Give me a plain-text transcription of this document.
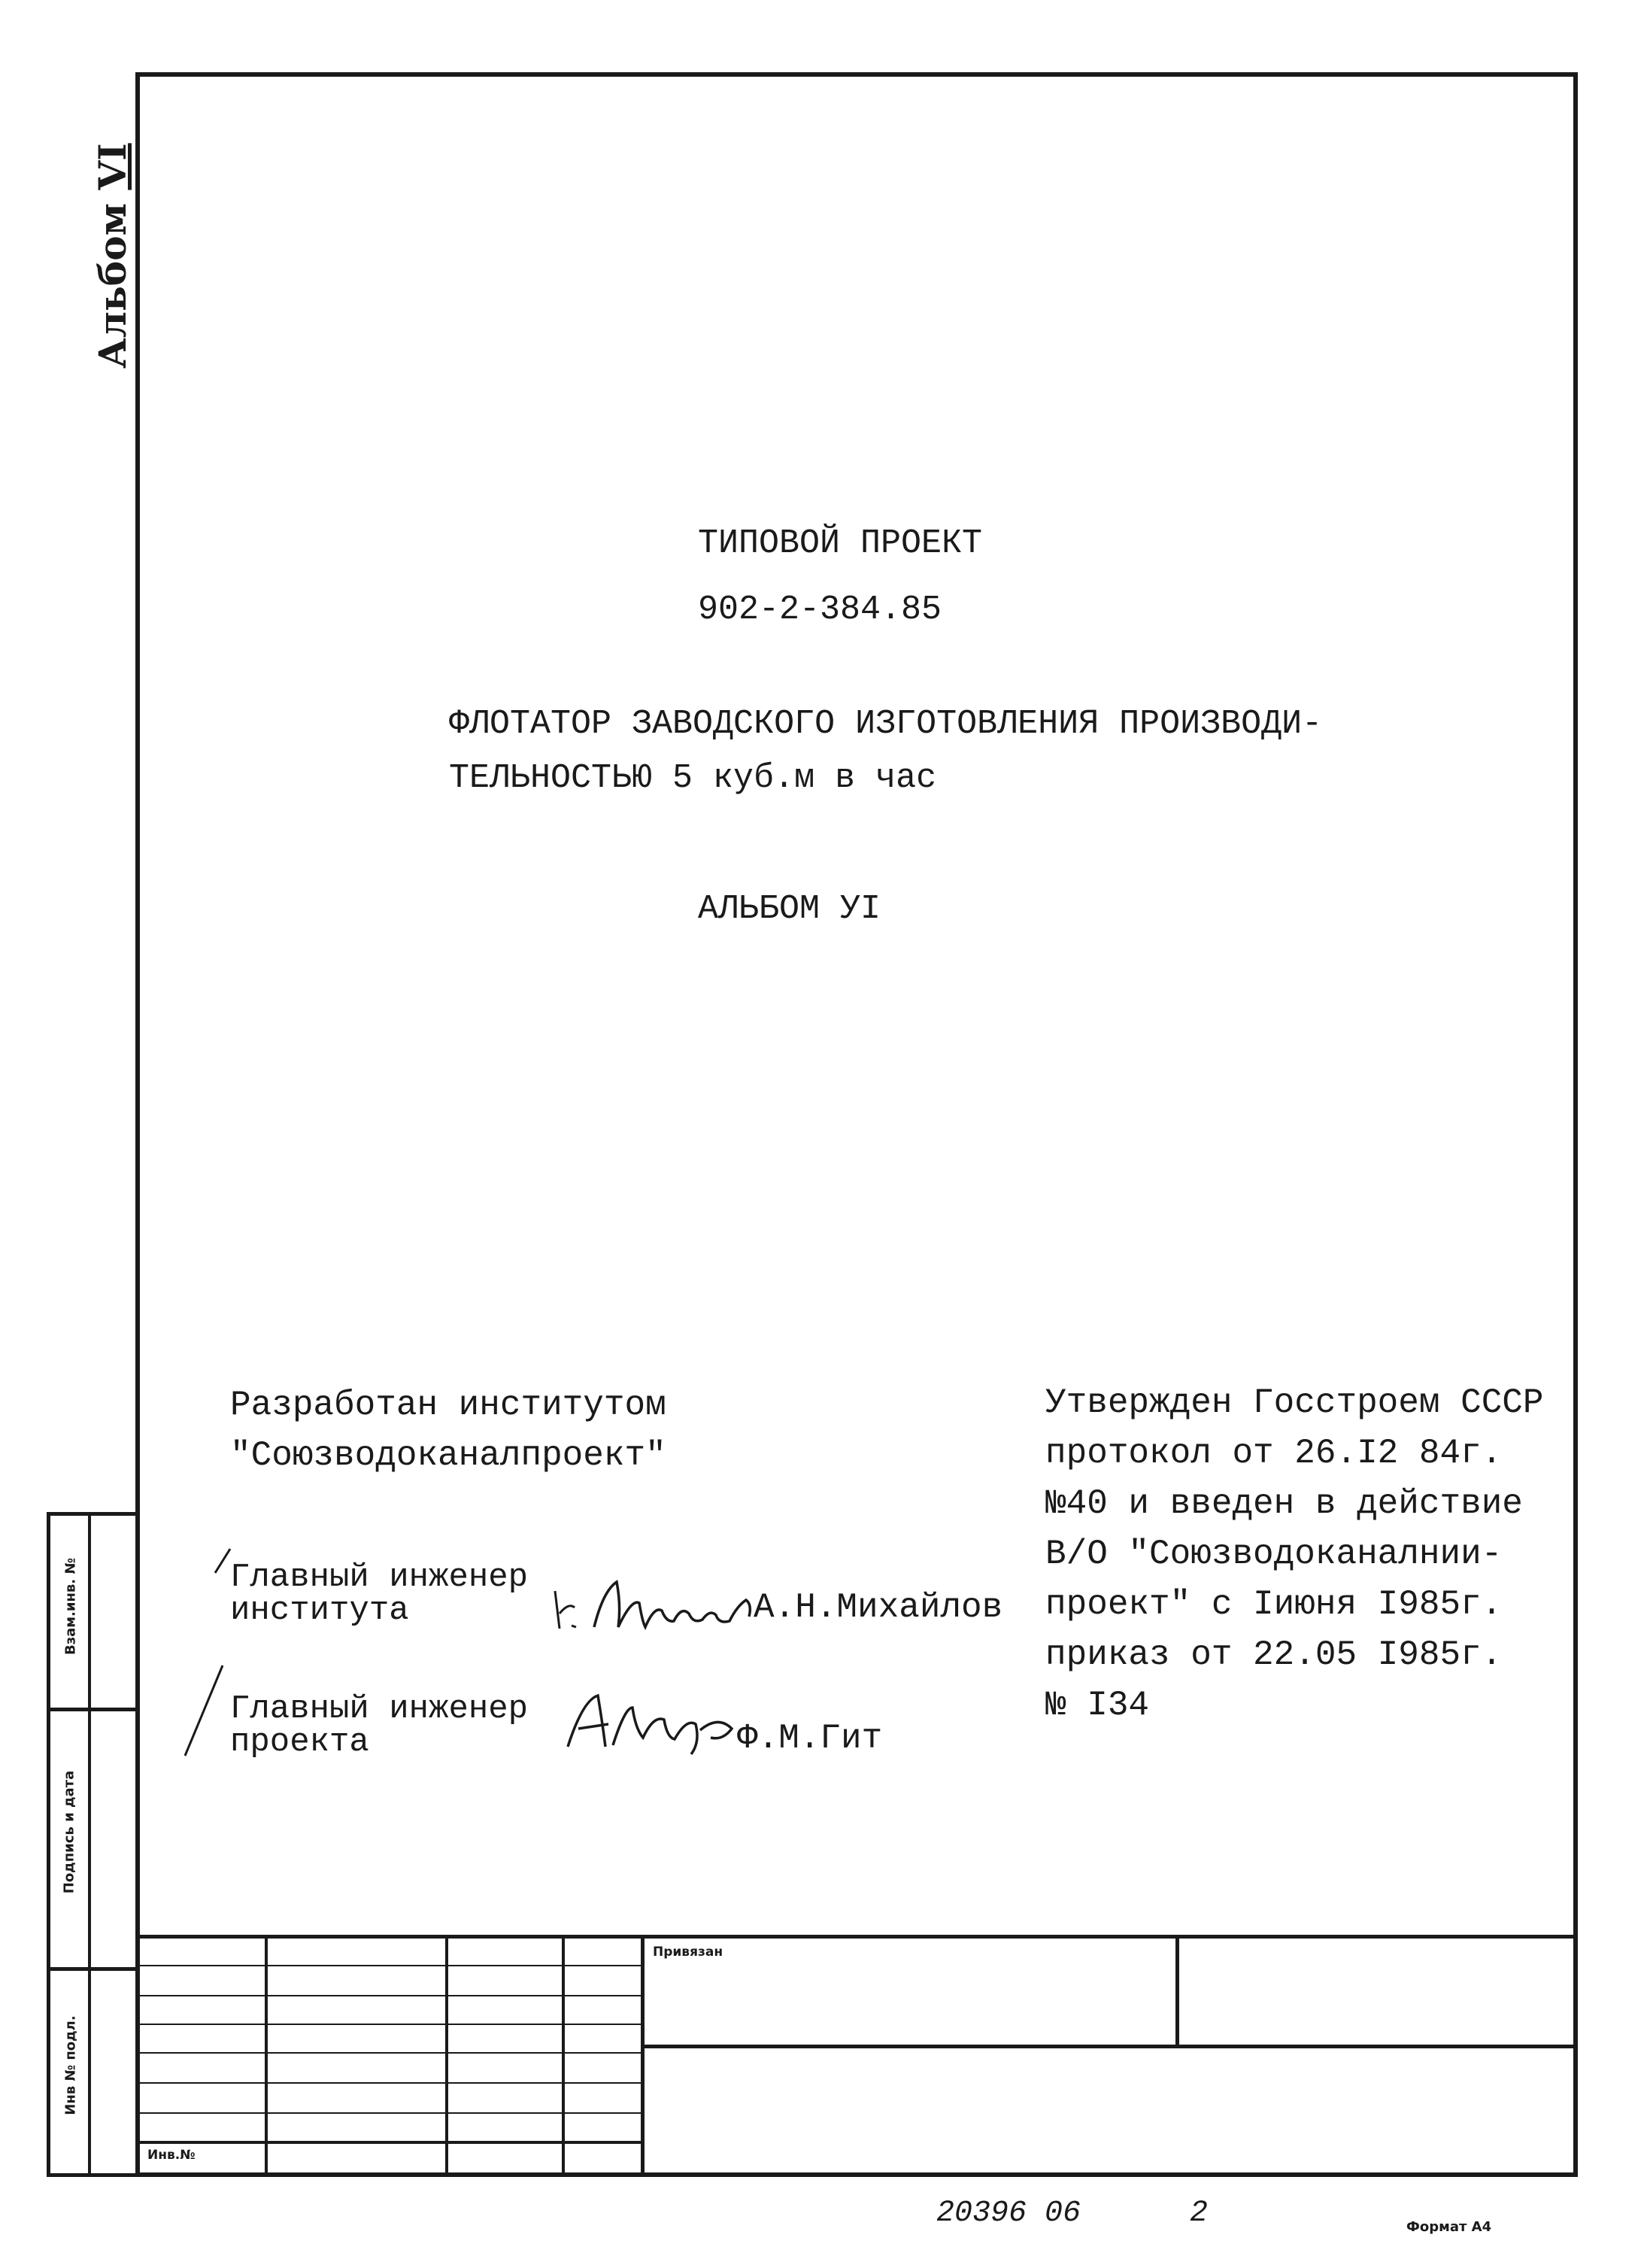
Альбом VI
ТИПОВОЙ ПРОЕКТ
902-2-384.85
ФЛОТАТОР ЗАВОДСКОГО ИЗГОТОВЛЕНИЯ ПРОИЗВОДИ-
ТЕЛЬНОСТЬЮ 5 куб.м в час
АЛЬБОМ УI
Разработан институтом
"Союзводоканалпроект"
Утвержден Госстроем СССР
протокол от 26.I2 84г.
№40 и введен в действие
В/О "Союзводоканалнии-
проект" с Iиюня I985г.
приказ от 22.05 I985г.
№ I34
Главный инженер
института	А.Н.Михайлов
Главный инженер
проекта	Ф.М.Гит
Взам.инв. №
Подпись и дата
Инв № подл.
Привязан
Инв.№
20396 06	2	Формат А4
